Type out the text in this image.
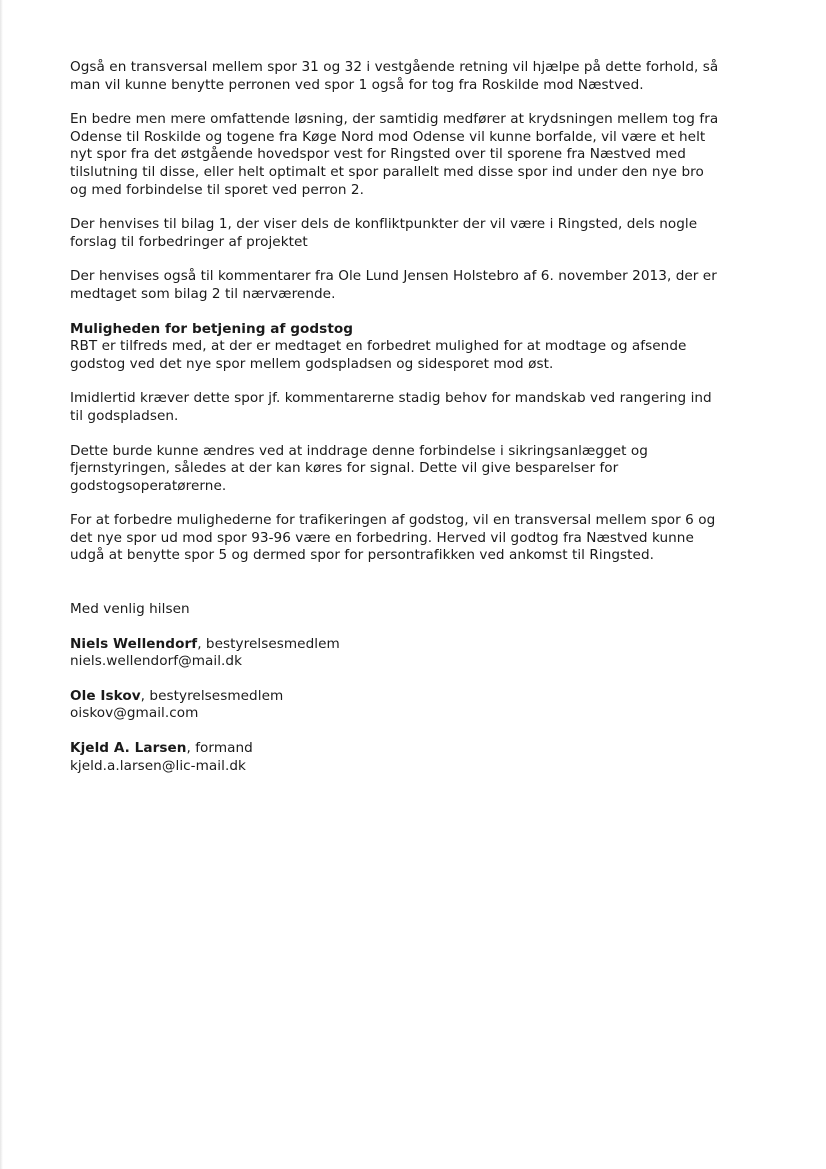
Også en transversal mellem spor 31 og 32 i vestgående retning vil hjælpe på dette forhold, så
man vil kunne benytte perronen ved spor 1 også for tog fra Roskilde mod Næstved.

En bedre men mere omfattende løsning, der samtidig medfører at krydsningen mellem tog fra
Odense til Roskilde og togene fra Køge Nord mod Odense vil kunne borfalde, vil være et helt
nyt spor fra det østgående hovedspor vest for Ringsted over til sporene fra Næstved med
tilslutning til disse, eller helt optimalt et spor parallelt med disse spor ind under den nye bro
og med forbindelse til sporet ved perron 2.

Der henvises til bilag 1, der viser dels de konfliktpunkter der vil være i Ringsted, dels nogle
forslag til forbedringer af projektet

Der henvises også til kommentarer fra Ole Lund Jensen Holstebro af 6. november 2013, der er
medtaget som bilag 2 til nærværende.

Muligheden for betjening af godstog
RBT er tilfreds med, at der er medtaget en forbedret mulighed for at modtage og afsende
godstog ved det nye spor mellem godspladsen og sidesporet mod øst.

Imidlertid kræver dette spor jf. kommentarerne stadig behov for mandskab ved rangering ind
til godspladsen.

Dette burde kunne ændres ved at inddrage denne forbindelse i sikringsanlægget og
fjernstyringen, således at der kan køres for signal. Dette vil give besparelser for
godstogsoperatørerne.

For at forbedre mulighederne for trafikeringen af godstog, vil en transversal mellem spor 6 og
det nye spor ud mod spor 93-96 være en forbedring. Herved vil godtog fra Næstved kunne
udgå at benytte spor 5 og dermed spor for persontrafikken ved ankomst til Ringsted.

Med venlig hilsen

Niels Wellendorf, bestyrelsesmedlem
niels.wellendorf@mail.dk
Ole Iskov, bestyrelsesmedlem
oiskov@gmail.com
Kjeld A. Larsen, formand
kjeld.a.larsen@lic-mail.dk
